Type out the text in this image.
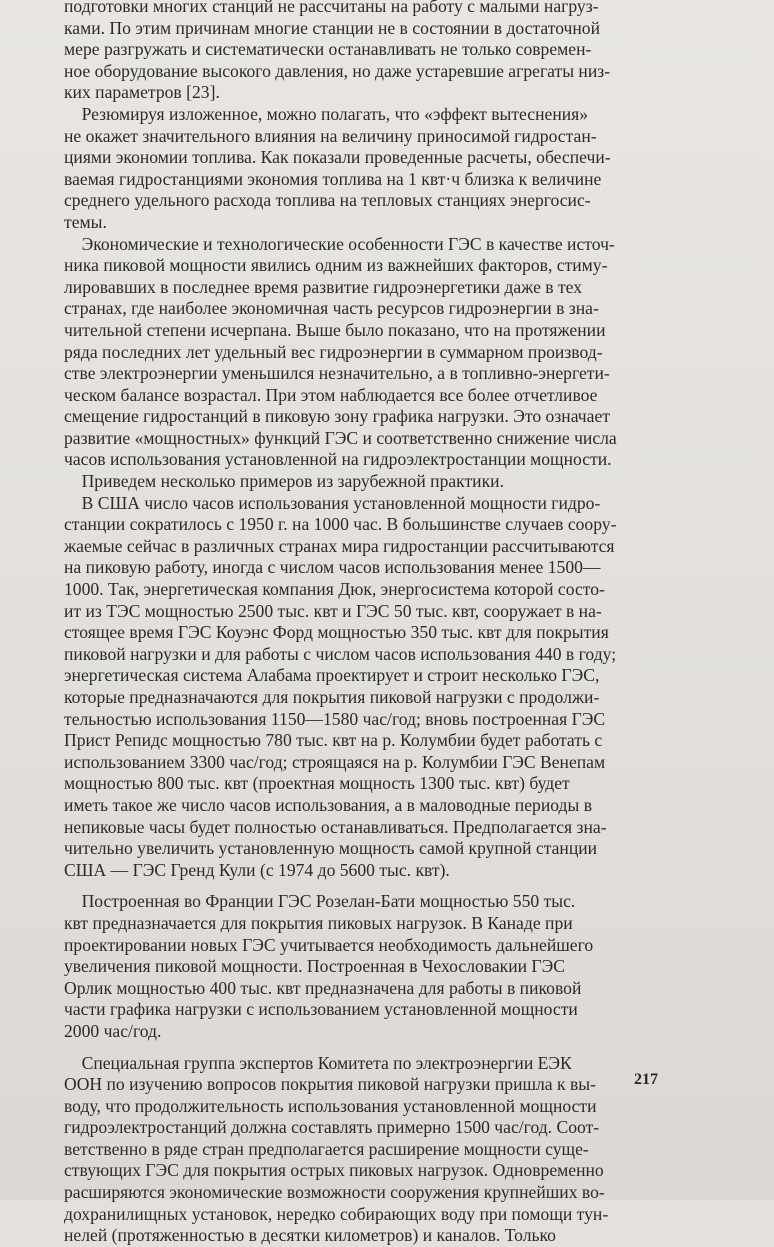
подготовки многих станций не рассчитаны на работу с малыми нагруз-
ками. По этим причинам многие станции не в состоянии в достаточной
мере разгружать и систематически останавливать не только современ-
ное оборудование высокого давления, но даже устаревшие агрегаты низ-
ких параметров [23].

Резюмируя изложенное, можно полагать, что «эффект вытеснения»
не окажет значительного влияния на величину приносимой гидростан-
циями экономии топлива. Как показали проведенные расчеты, обеспечи-
ваемая гидростанциями экономия топлива на 1 квт·ч близка к величине
среднего удельного расхода топлива на тепловых станциях энергосис-
темы.

Экономические и технологические особенности ГЭС в качестве источ-
ника пиковой мощности явились одним из важнейших факторов, стиму-
лировавших в последнее время развитие гидроэнергетики даже в тех
странах, где наиболее экономичная часть ресурсов гидроэнергии в зна-
чительной степени исчерпана. Выше было показано, что на протяжении
ряда последних лет удельный вес гидроэнергии в суммарном производ-
стве электроэнергии уменьшился незначительно, а в топливно-энергети-
ческом балансе возрастал. При этом наблюдается все более отчетливое
смещение гидростанций в пиковую зону графика нагрузки. Это означает
развитие «мощностных» функций ГЭС и соответственно снижение числа
часов использования установленной на гидроэлектростанции мощности.

Приведем несколько примеров из зарубежной практики.

В США число часов использования установленной мощности гидро-
станции сократилось с 1950 г. на 1000 час. В большинстве случаев соору-
жаемые сейчас в различных странах мира гидростанции рассчитываются
на пиковую работу, иногда с числом часов использования менее 1500—
1000. Так, энергетическая компания Дюк, энергосистема которой состо-
ит из ТЭС мощностью 2500 тыс. квт и ГЭС 50 тыс. квт, сооружает в на-
стоящее время ГЭС Коуэнс Форд мощностью 350 тыс. квт для покрытия
пиковой нагрузки и для работы с числом часов использования 440 в году;
энергетическая система Алабама проектирует и строит несколько ГЭС,
которые предназначаются для покрытия пиковой нагрузки с продолжи-
тельностью использования 1150—1580 час/год; вновь построенная ГЭС
Прист Репидс мощностью 780 тыс. квт на р. Колумбии будет работать с
использованием 3300 час/год; строящаяся на р. Колумбии ГЭС Венепам
мощностью 800 тыс. квт (проектная мощность 1300 тыс. квт) будет
иметь такое же число часов использования, а в маловодные периоды в
непиковые часы будет полностью останавливаться. Предполагается зна-
чительно увеличить установленную мощность самой крупной станции
США — ГЭС Гренд Кули (с 1974 до 5600 тыс. квт).

Построенная во Франции ГЭС Розелан-Бати мощностью 550 тыс.
квт предназначается для покрытия пиковых нагрузок. В Канаде при
проектировании новых ГЭС учитывается необходимость дальнейшего
увеличения пиковой мощности. Построенная в Чехословакии ГЭС
Орлик мощностью 400 тыс. квт предназначена для работы в пиковой
части графика нагрузки с использованием установленной мощности
2000 час/год.

Специальная группа экспертов Комитета по электроэнергии ЕЭК
ООН по изучению вопросов покрытия пиковой нагрузки пришла к вы-
воду, что продолжительность использования установленной мощности
гидроэлектростанций должна составлять примерно 1500 час/год. Соот-
ветственно в ряде стран предполагается расширение мощности суще-
ствующих ГЭС для покрытия острых пиковых нагрузок. Одновременно
расширяются экономические возможности сооружения крупнейших во-
дохранилищных установок, нередко собирающих воду при помощи тун-
нелей (протяженностью в десятки километров) и каналов. Только

217
